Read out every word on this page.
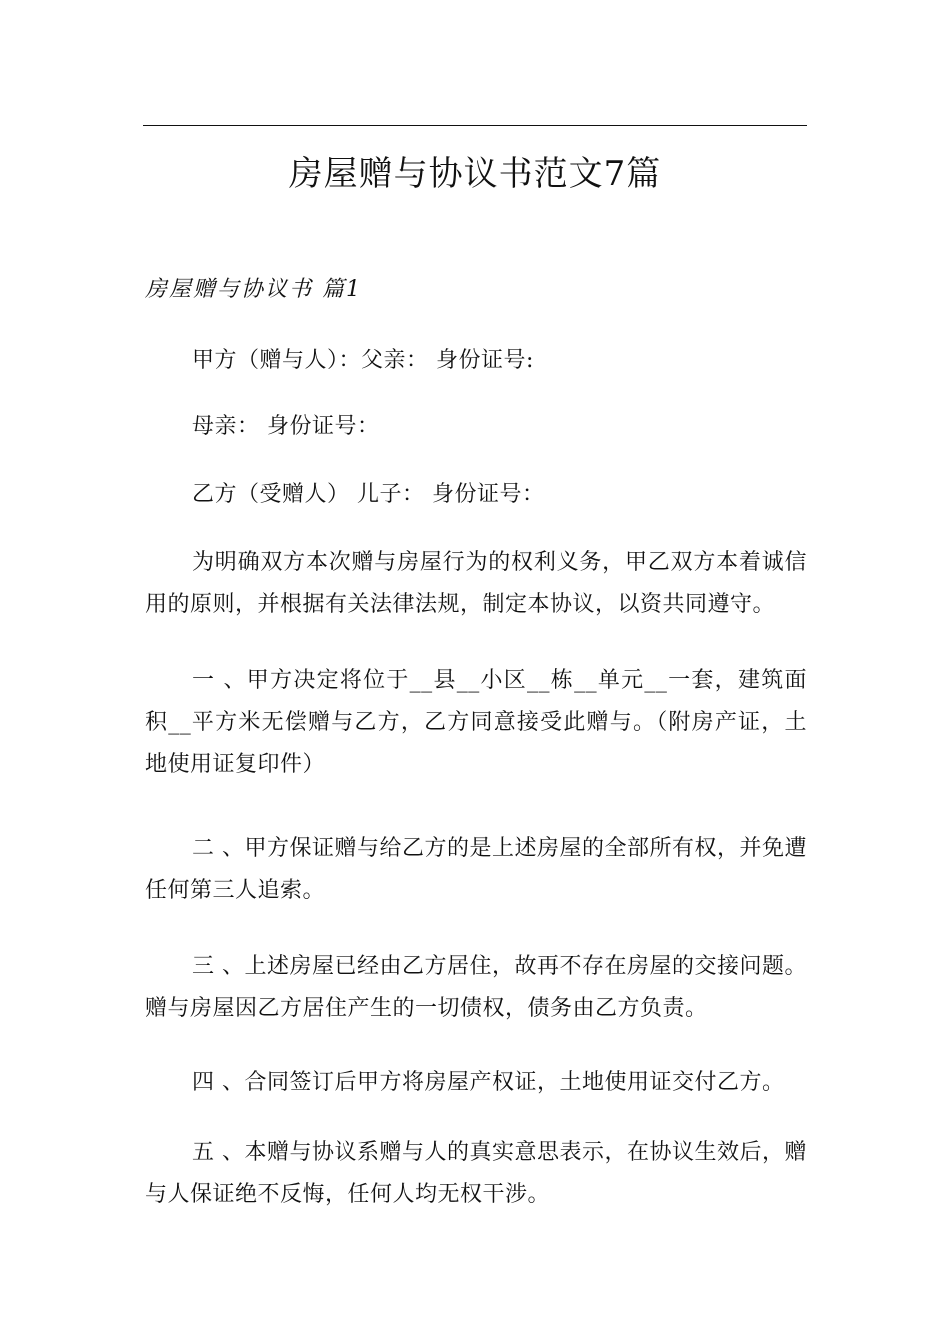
房屋赠与协议书范文7篇
房屋赠与协议书 篇1
甲方（赠与人）：父亲： 身份证号:
母亲： 身份证号：
乙方（受赠人） 儿子： 身份证号：
为明确双方本次赠与房屋行为的权利义务，甲乙双方本着诚信用的原则，并根据有关法律法规，制定本协议，以资共同遵守。
一 、甲方决定将位于__县__小区__栋__单元__一套，建筑面积__平方米无偿赠与乙方，乙方同意接受此赠与。（附房产证，土地使用证复印件）
二 、甲方保证赠与给乙方的是上述房屋的全部所有权，并免遭任何第三人追索。
三 、上述房屋已经由乙方居住，故再不存在房屋的交接问题。赠与房屋因乙方居住产生的一切债权，债务由乙方负责。
四 、合同签订后甲方将房屋产权证，土地使用证交付乙方。
五 、本赠与协议系赠与人的真实意思表示，在协议生效后，赠与人保证绝不反悔，任何人均无权干涉。
